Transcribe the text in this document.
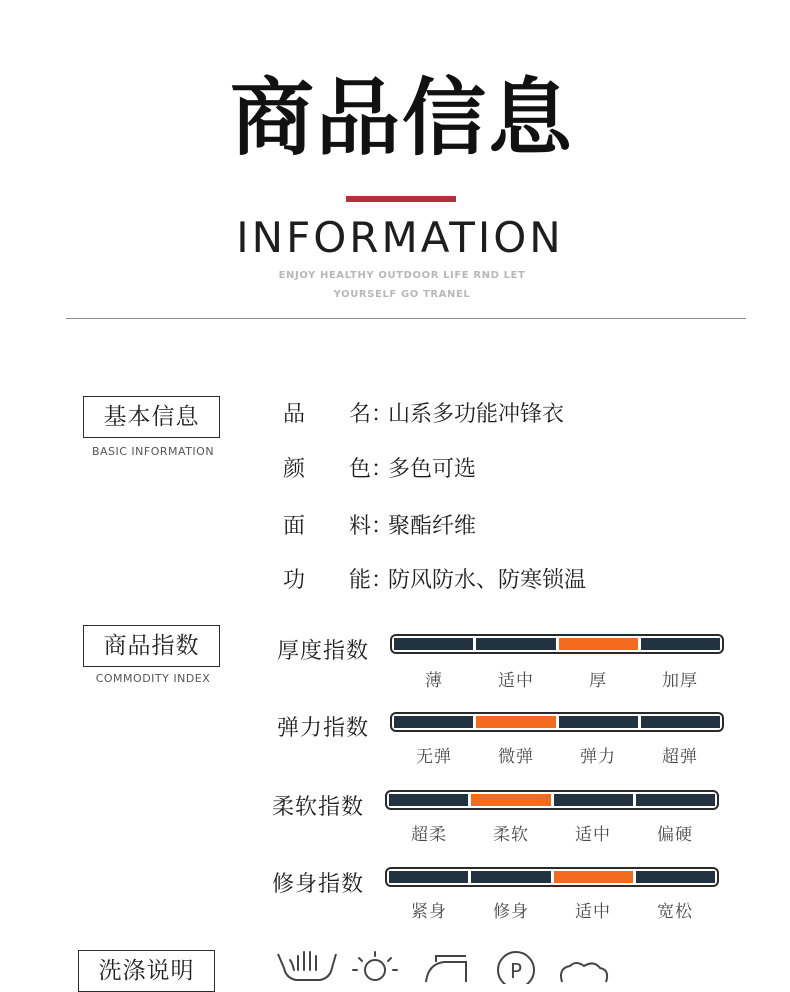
商品信息
INFORMATION
ENJOY HEALTHY OUTDOOR LIFE RND LET
YOURSELF GO TRANEL
基本信息
BASIC INFORMATION
品　　名：山系多功能冲锋衣
颜　　色：多色可选
面　　料：聚酯纤维
功　　能：防风防水、防寒锁温
商品指数
COMMODITY INDEX
厚度指数
薄	适中	厚	加厚
弹力指数
无弹	微弹	弹力	超弹
柔软指数
超柔	柔软	适中	偏硬
修身指数
紧身	修身	适中	宽松
洗涤说明	P
